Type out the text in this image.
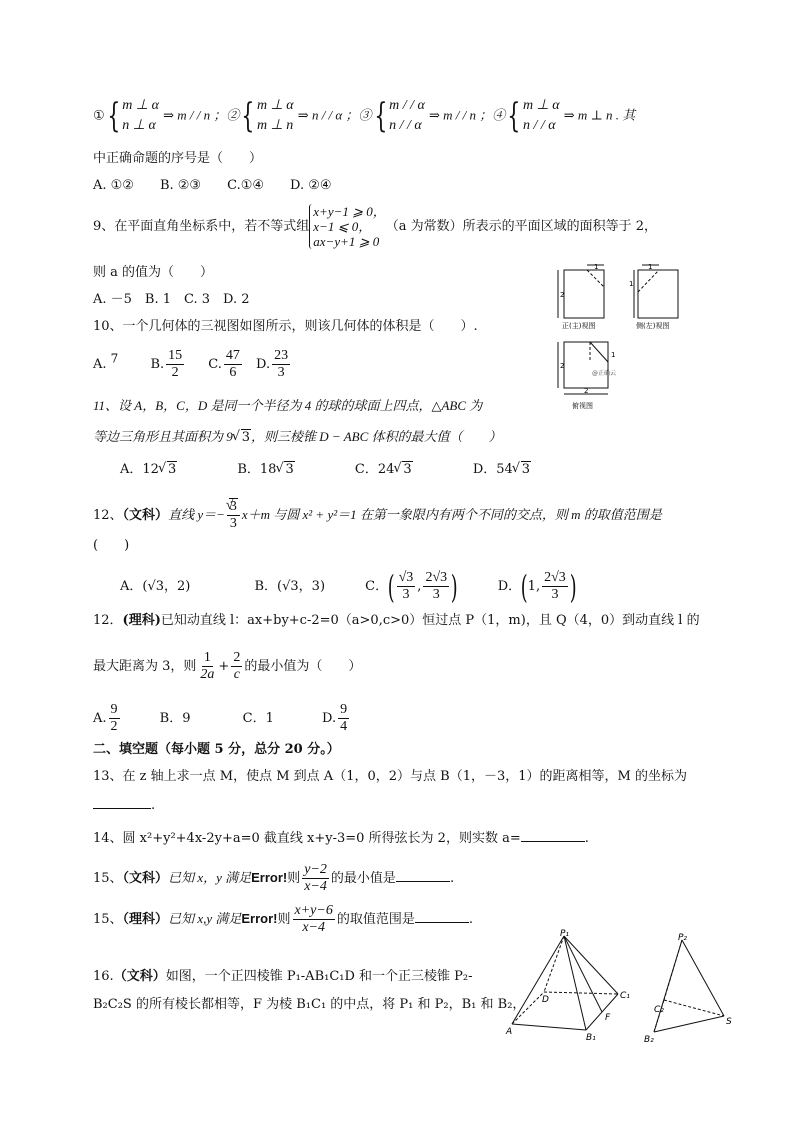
①{ m ⊥ α
n ⊥ α
⇒ m / / n ；②{ m ⊥ α
m ⊥ n
⇒ n / / α ；③{ m / / α
n / / α
⇒ m / / n ；④{ m ⊥ α
n / / α
⇒ m ⊥ n . 其
中正确命题的序号是（　　）
A. ①②　　B. ②③　　C.①④　　D. ②④
9、在平面直角坐标系中，若不等式组
x+y−1 ⩾ 0，
x−1 ⩽ 0，
ax−y+1 ⩾ 0
（a 为常数）所表示的平面区域的面积等于 2，
则 a 的值为（　　）
A. －5　B. 1　C. 3　D. 2
10、一个几何体的三视图如图所示，则该几何体的体积是（　　）.
A. $^7$ B. $\frac{15}{2} C$. $\frac{47}{6} D$. $\frac{23}{3}$
1
2
正(主)视图
1
1
侧(左)视图
1
2
2
@正确云
俯视图
11、设 A，B，C，D 是同一个半径为 4 的球的球面上四点，△ABC 为
等边三角形且其面积为 9 √ 3，则三棱锥 D − ABC 体积的最大值（　　）
A．12 √ 3	B．18 √ 3	C．24 √ 3	D．54 √ 3
12、（文科）直线 y＝− √ $\frac{3}{3} x+m$ 与圆 x² + y²＝1 在第一象限内有两个不同的交点，则 m 的取值范围是
(　　)
A．(√3，2)	B．(√3，3)	C．( $\frac{√3}{3}$ , $\frac{2√3}{3}$ )	D．(1, $\frac{2√3}{3}$ )
12．(理科)已知动直线 l：ax+by+c-2=0（a>0,c>0）恒过点 P（1，m)，且 Q（4，0）到动直线 l 的
最大距离为 3，则 $\frac{1}{2a} + \frac{2}{c}$ 的最小值为（　　）
A. $\frac{9}{2}$	B．9	C．1	D. $\frac{9}{4}$
二、填空题（每小题 5 分，总分 20 分。）
13、在 z 轴上求一点 M，使点 M 到点 A（1，0，2）与点 B（1，－3，1）的距离相等，M 的坐标为
.
14、圆 x²+y²+4x-2y+a=0 截直线 x+y-3=0 所得弦长为 2，则实数 a=	.
15、（文科）已知 x，y 满足Error!则 $\frac{y-2}{x-4}$ 的最小值是	.
15、（理科）已知 x,y 满足Error!则 $\frac{x+y-6}{x-4}$ 的取值范围是	.
16.（文科）如图，一个正四棱锥 P₁-AB₁C₁D 和一个正三棱锥 P₂-
B₂C₂S 的所有棱长都相等，F 为棱 B₁C₁ 的中点，将 P₁ 和 P₂，B₁ 和 B₂，
P₁
A
B₁
C₁
D
F
P₂
B₂
C₂
S
